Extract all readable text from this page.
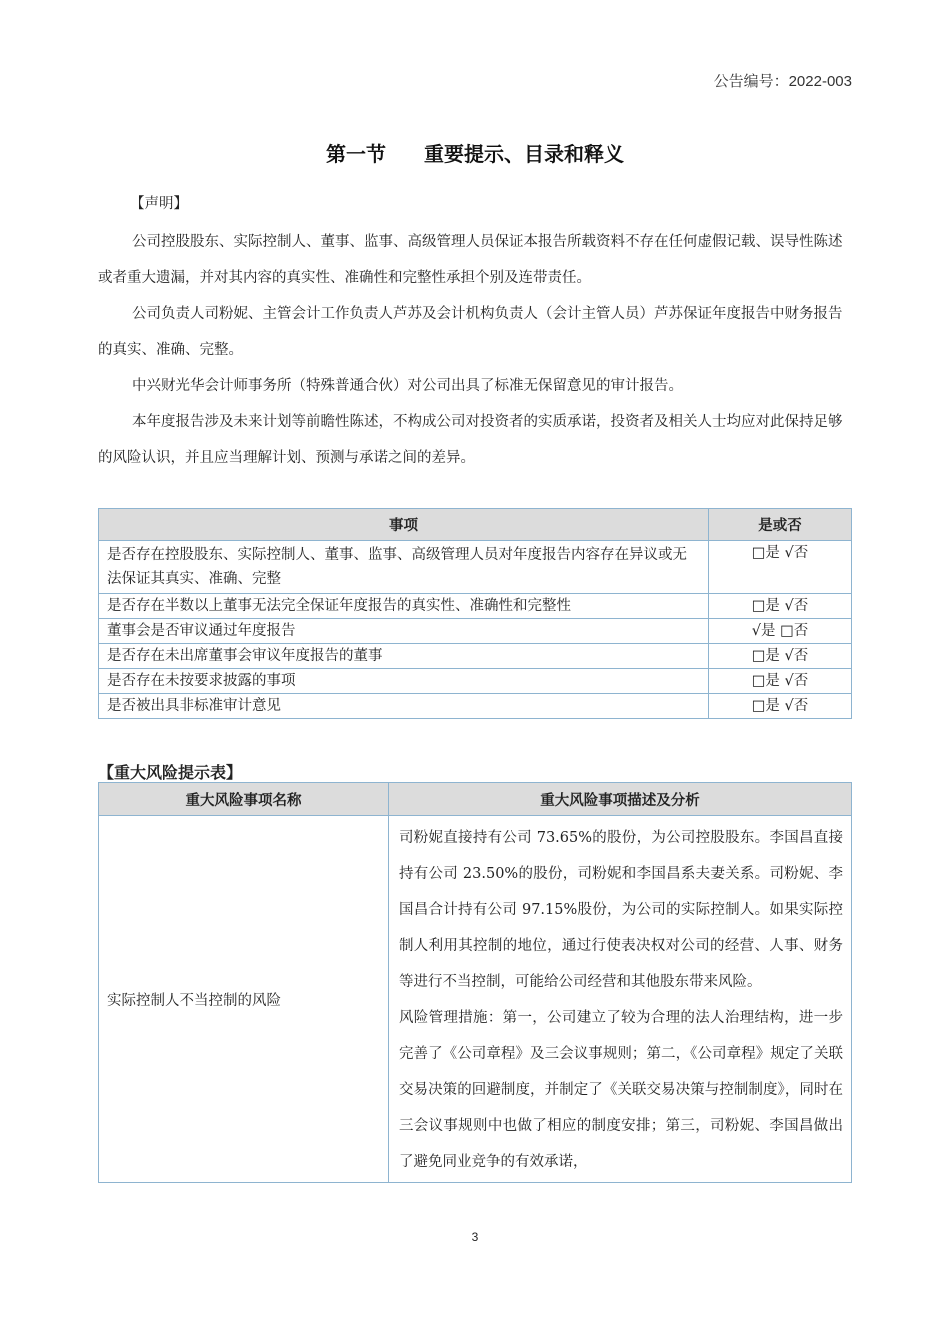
公告编号：2022-003
第一节 重要提示、目录和释义
【声明】

公司控股股东、实际控制人、董事、监事、高级管理人员保证本报告所载资料不存在任何虚假记载、误导性陈述或者重大遗漏，并对其内容的真实性、准确性和完整性承担个别及连带责任。

公司负责人司粉妮、主管会计工作负责人芦苏及会计机构负责人（会计主管人员）芦苏保证年度报告中财务报告的真实、准确、完整。

中兴财光华会计师事务所（特殊普通合伙）对公司出具了标准无保留意见的审计报告。

本年度报告涉及未来计划等前瞻性陈述，不构成公司对投资者的实质承诺，投资者及相关人士均应对此保持足够的风险认识，并且应当理解计划、预测与承诺之间的差异。

事项	是或否
是否存在控股股东、实际控制人、董事、监事、高级管理人员对年度报告内容存在异议或无法保证其真实、准确、完整	□是 √否
是否存在半数以上董事无法完全保证年度报告的真实性、准确性和完整性	□是 √否
董事会是否审议通过年度报告	√是 □否
是否存在未出席董事会审议年度报告的董事	□是 √否
是否存在未按要求披露的事项	□是 √否
是否被出具非标准审计意见	□是 √否
【重大风险提示表】
重大风险事项名称	重大风险事项描述及分析
实际控制人不当控制的风险	司粉妮直接持有公司 73.65%的股份，为公司控股股东。李国昌直接持有公司 23.50%的股份，司粉妮和李国昌系夫妻关系。司粉妮、李国昌合计持有公司 97.15%股份，为公司的实际控制人。如果实际控制人利用其控制的地位，通过行使表决权对公司的经营、人事、财务等进行不当控制，可能给公司经营和其他股东带来风险。

风险管理措施：第一，公司建立了较为合理的法人治理结构，进一步完善了《公司章程》及三会议事规则；第二，《公司章程》规定了关联交易决策的回避制度，并制定了《关联交易决策与控制制度》，同时在三会议事规则中也做了相应的制度安排；第三，司粉妮、李国昌做出了避免同业竞争的有效承诺，

3
